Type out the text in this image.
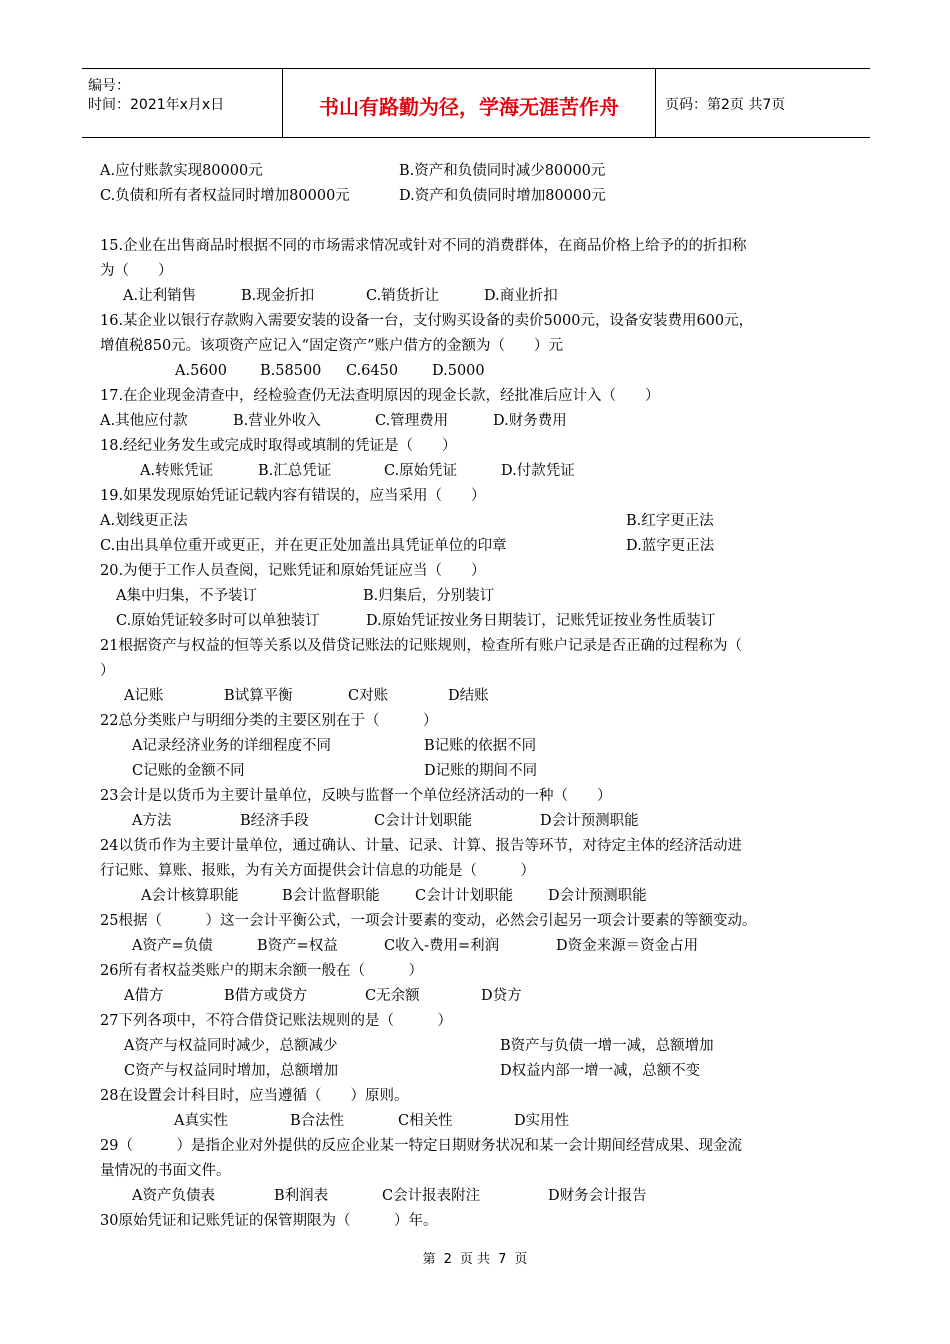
编号：
时间：2021年x月x日	书山有路勤为径，学海无涯苦作舟	页码：第2页 共7页
A.应付账款实现80000元	B.资产和负债同时减少80000元
C.负债和所有者权益同时增加80000元	D.资产和负债同时增加80000元
15.企业在出售商品时根据不同的市场需求情况或针对不同的消费群体，在商品价格上给予的的折扣称
为（　　）
A.让利销售	B.现金折扣	C.销货折让	D.商业折扣
16.某企业以银行存款购入需要安装的设备一台，支付购买设备的卖价5000元，设备安装费用600元，
增值税850元。该项资产应记入“固定资产”账户借方的金额为（　　）元
A.5600 B.58500 C.6450 D.5000
17.在企业现金清查中，经检验查仍无法查明原因的现金长款，经批准后应计入（　　）
A.其他应付款	B.营业外收入	C.管理费用	D.财务费用
18.经纪业务发生或完成时取得或填制的凭证是（　　）
A.转账凭证	B.汇总凭证	C.原始凭证	D.付款凭证
19.如果发现原始凭证记载内容有错误的，应当采用（　　）
A.划线更正法	B.红字更正法
C.由出具单位重开或更正，并在更正处加盖出具凭证单位的印章	D.蓝字更正法
20.为便于工作人员查阅，记账凭证和原始凭证应当（　　）
A集中归集，不予装订	B.归集后，分别装订
C.原始凭证较多时可以单独装订	D.原始凭证按业务日期装订，记账凭证按业务性质装订
21根据资产与权益的恒等关系以及借贷记账法的记账规则，检查所有账户记录是否正确的过程称为（
）
A记账	B试算平衡	C对账	D结账
22总分类账户与明细分类的主要区别在于（　　　）
A记录经济业务的详细程度不同	B记账的依据不同
C记账的金额不同	D记账的期间不同
23会计是以货币为主要计量单位，反映与监督一个单位经济活动的一种（　　）
A方法	B经济手段	C会计计划职能	D会计预测职能
24以货币作为主要计量单位，通过确认、计量、记录、计算、报告等环节，对待定主体的经济活动进
行记账、算账、报账，为有关方面提供会计信息的功能是（　　　）
A会计核算职能	B会计监督职能 C会计计划职能 D会计预测职能
25根据（　　　）这一会计平衡公式，一项会计要素的变动，必然会引起另一项会计要素的等额变动。
A资产=负债	B资产=权益	C收入-费用=利润	D资金来源＝资金占用
26所有者权益类账户的期末余额一般在（　　　）
A借方	B借方或贷方	C无余额	D贷方
27下列各项中，不符合借贷记账法规则的是（　　　）
A资产与权益同时减少，总额减少	B资产与负债一增一减，总额增加
C资产与权益同时增加，总额增加	D权益内部一增一减，总额不变
28在设置会计科目时，应当遵循（　　）原则。
A真实性	B合法性	C相关性	D实用性
29（　　　）是指企业对外提供的反应企业某一特定日期财务状况和某一会计期间经营成果、现金流
量情况的书面文件。
A资产负债表	B利润表	C会计报表附注	D财务会计报告
30原始凭证和记账凭证的保管期限为（　　　）年。
第 2 页 共 7 页
